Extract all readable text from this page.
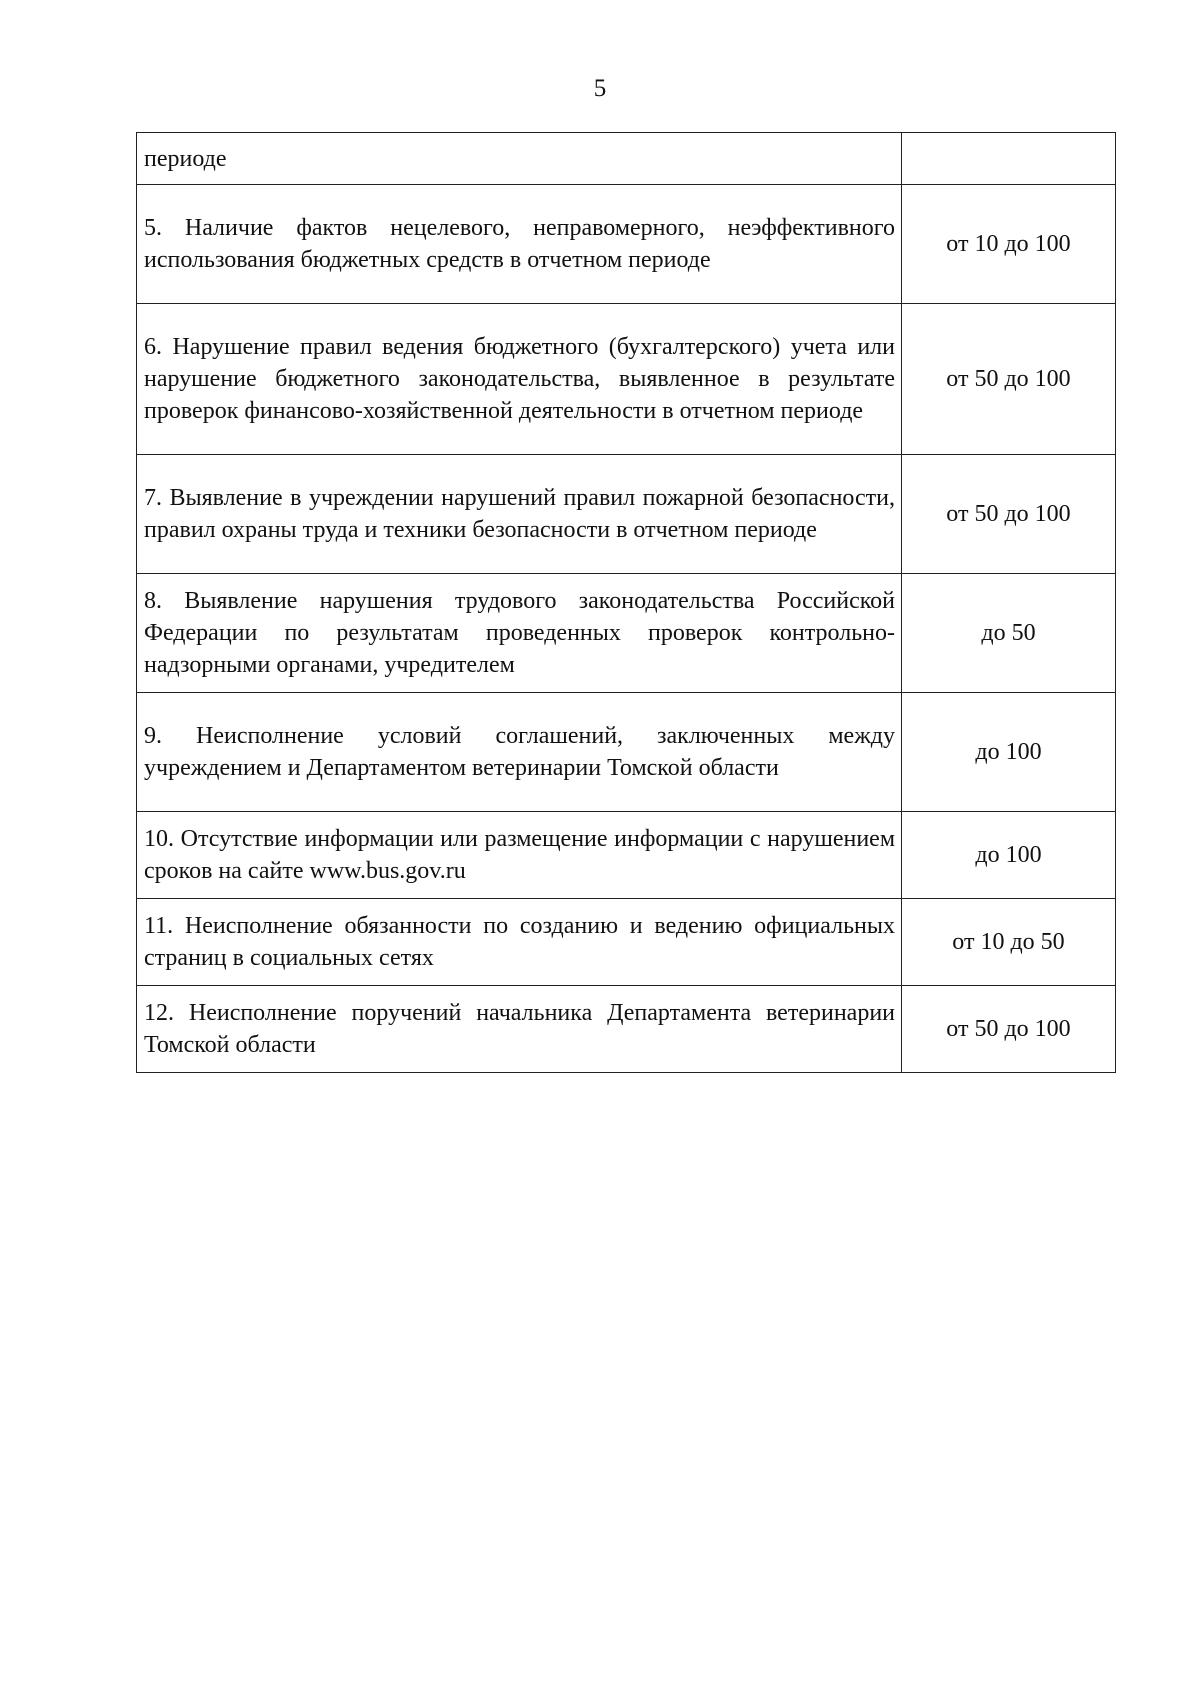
5
периоде	
5. Наличие фактов нецелевого, неправомерного, неэффективного использования бюджетных средств в отчетном периоде	от 10 до 100
6. Нарушение правил ведения бюджетного (бухгалтерского) учета или нарушение бюджетного законодательства, выявленное в результате проверок финансово-хозяйственной деятельности в отчетном периоде	от 50 до 100
7. Выявление в учреждении нарушений правил пожарной безопасности, правил охраны труда и техники безопасности в отчетном периоде	от 50 до 100
8. Выявление нарушения трудового законодательства Российской Федерации по результатам проведенных проверок контрольно-надзорными органами, учредителем	до 50
9. Неисполнение условий соглашений, заключенных между учреждением и Департаментом ветеринарии Томской области	до 100
10. Отсутствие информации или размещение информации с нарушением сроков на сайте www.bus.gov.ru	до 100
11. Неисполнение обязанности по созданию и ведению официальных страниц в социальных сетях	от 10 до 50
12. Неисполнение поручений начальника Департамента ветеринарии Томской области	от 50 до 100
